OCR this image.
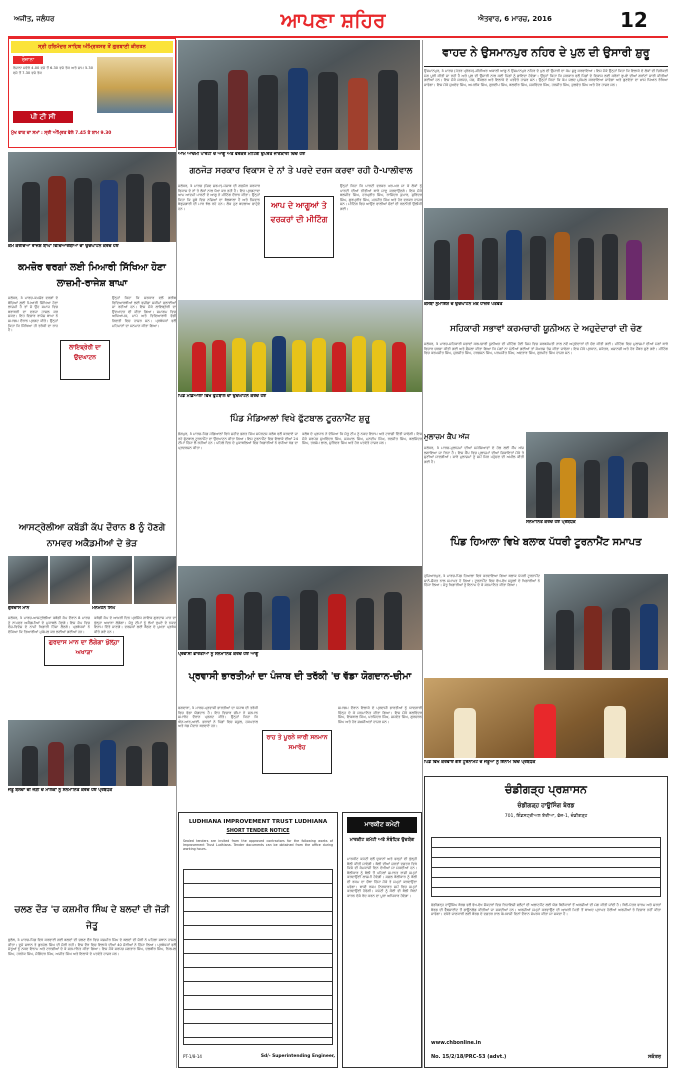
ਅਜੀਤ, ਜਲੰਧਰ	ਆਪਣਾ ਸ਼ਹਿਰ	ਐਤਵਾਰ, 6 ਮਾਰਚ, 2016	12
ਸ੍ਰੀ ਹਰਿਮੰਦਰ ਸਾਹਿਬ ਅੰਮ੍ਰਿਤਸਰ ਤੋਂ ਗੁਰਬਾਣੀ ਕੀਰਤਨ
ਰੋਜ਼ਾਨਾ
ਰੋਜ਼ਾਨਾ ਸਵੇਰੇ 4.00 ਵਜੇ ਤੋਂ 6.30 ਵਜੇ ਤੱਕ ਅਤੇ ਸ਼ਾਮ 5.30 ਵਜੇ ਤੋਂ 7.30 ਵਜੇ ਤੱਕ
ਪੀ ਟੀ ਸੀ
ਮੁੱਖ ਵਾਕ ਦਾ ਸਮਾਂ : ਸ੍ਰੀ ਅੰਮ੍ਰਿਤ ਵੇਲੇ 7.45 ਤੇ ਸ਼ਾਮ 9.30
ਵਾਹਦ ਨੇ ਉਸਮਾਨਪੁਰ ਨਹਿਰ ਦੇ ਪੁਲ ਦੀ ਉਸਾਰੀ ਸ਼ੁਰੂ
ਉਸਮਾਨਪੁਰ, 5 ਮਾਰਚ (ਪੱਤਰ ਪ੍ਰੇਰਕ)-ਸੀਨੀਅਰ ਅਕਾਲੀ ਆਗੂ ਨੇ ਉਸਮਾਨਪੁਰ ਨਹਿਰ ਦੇ ਪੁਲ ਦੀ ਉਸਾਰੀ ਦਾ ਕੰਮ ਸ਼ੁਰੂ ਕਰਵਾਇਆ। ਇਸ ਮੌਕੇ ਉਨ੍ਹਾਂ ਕਿਹਾ ਕਿ ਇਲਾਕੇ ਦੇ ਲੋਕਾਂ ਦੀ ਚਿਰੋਕਣੀ ਮੰਗ ਪੂਰੀ ਕੀਤੀ ਜਾ ਰਹੀ ਹੈ ਅਤੇ ਪੁਲ ਦੀ ਉਸਾਰੀ ਨਾਲ ਕਈ ਪਿੰਡਾਂ ਨੂੰ ਫ਼ਾਇਦਾ ਹੋਵੇਗਾ। ਉਨ੍ਹਾਂ ਕਿਹਾ ਕਿ ਸਰਕਾਰ ਵਲੋਂ ਪਿੰਡਾਂ ਦੇ ਵਿਕਾਸ ਲਈ ਕਰੋੜਾਂ ਰੁਪਏ ਦੀਆਂ ਗਰਾਂਟਾਂ ਜਾਰੀ ਕੀਤੀਆਂ ਗਈਆਂ ਹਨ। ਇਸ ਮੌਕੇ ਸਰਪੰਚ, ਪੰਚ, ਕੌਂਸਲਰ ਅਤੇ ਇਲਾਕੇ ਦੇ ਪਤਵੰਤੇ ਹਾਜ਼ਰ ਸਨ। ਉਨ੍ਹਾਂ ਕਿਹਾ ਕਿ ਕੰਮ ਜਲਦ ਮੁਕੰਮਲ ਕਰਵਾਇਆ ਜਾਵੇਗਾ ਅਤੇ ਗੁਣਵੱਤਾ ਦਾ ਖ਼ਾਸ ਧਿਆਨ ਰੱਖਿਆ ਜਾਵੇਗਾ। ਇਸ ਮੌਕੇ ਸੁਖਦੇਵ ਸਿੰਘ, ਅਮਰੀਕ ਸਿੰਘ, ਗੁਰਦੀਪ ਸਿੰਘ, ਬਲਵੀਰ ਸਿੰਘ, ਜਸਵਿੰਦਰ ਸਿੰਘ, ਹਰਜੀਤ ਸਿੰਘ, ਕੁਲਵੰਤ ਸਿੰਘ ਅਤੇ ਹੋਰ ਹਾਜ਼ਰ ਸਨ।
ਆਮ ਆਦਮੀ ਪਾਰਟੀ ਦੇ ਆਗੂ ਅਤੇ ਵਰਕਰ ਮੀਟਿੰਗ ਉਪਰੰਤ ਜਾਣਕਾਰੀ ਦਿੰਦੇ ਹੋਏ
ਗਠਜੋੜ ਸਰਕਾਰ ਵਿਕਾਸ ਦੇ ਨਾਂ ਤੇ ਪਰਦੇ ਦਰਜ ਕਰਵਾ ਰਹੀ ਹੈ-ਪਾਲੀਵਾਲ
ਜਲੰਧਰ, 5 ਮਾਰਚ (ਸ਼ਿਵ ਸ਼ਰਮਾ)-ਪੰਜਾਬ ਦੀ ਗਠਜੋੜ ਸਰਕਾਰ ਵਿਕਾਸ ਦੇ ਨਾਂ ਤੇ ਲੋਕਾਂ ਨਾਲ ਧੋਖਾ ਕਰ ਰਹੀ ਹੈ। ਇਹ ਪ੍ਰਗਟਾਵਾ ਆਮ ਆਦਮੀ ਪਾਰਟੀ ਦੇ ਆਗੂ ਨੇ ਮੀਟਿੰਗ ਦੌਰਾਨ ਕੀਤਾ। ਉਨ੍ਹਾਂ ਕਿਹਾ ਕਿ ਸੂਬੇ ਵਿਚ ਨਸ਼ਿਆਂ ਦਾ ਬੋਲਬਾਲਾ ਹੈ ਅਤੇ ਨੌਜਵਾਨ ਬੇਰੁਜ਼ਗਾਰੀ ਦੀ ਮਾਰ ਝੱਲ ਰਹੇ ਹਨ। ਲੋਕ ਹੁਣ ਬਦਲਾਅ ਚਾਹੁੰਦੇ ਹਨ।	ਆਪ ਦੇ ਆਗੂਆਂ ਤੇ ਵਰਕਰਾਂ ਦੀ ਮੀਟਿੰਗ
ਉਨ੍ਹਾਂ ਕਿਹਾ ਕਿ ਪਾਰਟੀ ਵਰਕਰ ਘਰ-ਘਰ ਜਾ ਕੇ ਲੋਕਾਂ ਨੂੰ ਪਾਰਟੀ ਦੀਆਂ ਨੀਤੀਆਂ ਬਾਰੇ ਜਾਣੂ ਕਰਵਾਉਣਗੇ। ਇਸ ਮੌਕੇ ਬਲਜੀਤ ਸਿੰਘ, ਹਰਪ੍ਰੀਤ ਸਿੰਘ, ਰਾਜਿੰਦਰ ਕੁਮਾਰ, ਸੁਰਿੰਦਰ ਸਿੰਘ, ਗੁਰਪ੍ਰੀਤ ਸਿੰਘ, ਮਨਜੀਤ ਸਿੰਘ ਅਤੇ ਹੋਰ ਵਰਕਰ ਹਾਜ਼ਰ ਸਨ। ਮੀਟਿੰਗ ਵਿਚ ਆਉਣ ਵਾਲੀਆਂ ਚੋਣਾਂ ਦੀ ਰਣਨੀਤੀ ਉਲੀਕੀ ਗਈ।
ਕੰਮ ਕਰਦਿਆਂ ਰਾਜੇਸ਼ ਬਾਘਾ ਵਿਦਿਆਰਥੀਆਂ ਦਾ ਉਦਘਾਟਨ ਕਰਦੇ ਹੋਏ
ਕਮਜ਼ੋਰ ਵਰਗਾਂ ਲਈ ਮਿਆਰੀ ਸਿੱਖਿਆ ਹੋਣਾ ਲਾਜ਼ਮੀ-ਰਾਜੇਸ਼ ਬਾਘਾ
ਜਲੰਧਰ, 5 ਮਾਰਚ-ਕਮਜ਼ੋਰ ਵਰਗਾਂ ਦੇ ਬੱਚਿਆਂ ਲਈ ਮਿਆਰੀ ਸਿੱਖਿਆ ਹੋਣਾ ਲਾਜ਼ਮੀ ਹੈ ਤਾਂ ਜੋ ਉਹ ਸਮਾਜ ਵਿਚ ਬਰਾਬਰੀ ਦਾ ਦਰਜਾ ਹਾਸਲ ਕਰ ਸਕਣ। ਇਹ ਵਿਚਾਰ ਰਾਜੇਸ਼ ਬਾਘਾ ਨੇ ਸਮਾਗਮ ਦੌਰਾਨ ਪ੍ਰਗਟ ਕੀਤੇ। ਉਨ੍ਹਾਂ ਕਿਹਾ ਕਿ ਸਿੱਖਿਆ ਹੀ ਤਰੱਕੀ ਦਾ ਰਾਹ ਹੈ।
ਲਾਇਬ੍ਰੇਰੀ ਦਾ ਉਦਘਾਟਨ
ਉਨ੍ਹਾਂ ਕਿਹਾ ਕਿ ਸਰਕਾਰ ਵਲੋਂ ਗਰੀਬ ਵਿਦਿਆਰਥੀਆਂ ਲਈ ਵਜ਼ੀਫ਼ਾ ਸਕੀਮਾਂ ਚਲਾਈਆਂ ਜਾ ਰਹੀਆਂ ਹਨ। ਇਸ ਮੌਕੇ ਲਾਇਬ੍ਰੇਰੀ ਦਾ ਉਦਘਾਟਨ ਵੀ ਕੀਤਾ ਗਿਆ। ਸਮਾਗਮ ਵਿਚ ਅਧਿਆਪਕ, ਮਾਪੇ ਅਤੇ ਵਿਦਿਆਰਥੀ ਵੱਡੀ ਗਿਣਤੀ ਵਿਚ ਹਾਜ਼ਰ ਸਨ। ਪ੍ਰਬੰਧਕਾਂ ਵਲੋਂ ਮਹਿਮਾਨਾਂ ਦਾ ਸਨਮਾਨ ਕੀਤਾ ਗਿਆ।
ਕਸਬਾ ਨੁਮਾਇਸ਼ ਦੇ ਉਦਘਾਟਨ ਮੌਕੇ ਹਾਜ਼ਰ ਪਤਵੰਤੇ
ਸਹਿਕਾਰੀ ਸਭਾਵਾਂ ਕਰਮਚਾਰੀ ਯੂਨੀਅਨ ਦੇ ਅਹੁਦੇਦਾਰਾਂ ਦੀ ਚੋਣ
ਜਲੰਧਰ, 5 ਮਾਰਚ-ਸਹਿਕਾਰੀ ਸਭਾਵਾਂ ਕਰਮਚਾਰੀ ਯੂਨੀਅਨ ਦੀ ਮੀਟਿੰਗ ਹੋਈ ਜਿਸ ਵਿਚ ਸਰਬਸੰਮਤੀ ਨਾਲ ਨਵੇਂ ਅਹੁਦੇਦਾਰਾਂ ਦੀ ਚੋਣ ਕੀਤੀ ਗਈ। ਮੀਟਿੰਗ ਵਿਚ ਮੁਲਾਜ਼ਮਾਂ ਦੀਆਂ ਮੰਗਾਂ ਬਾਰੇ ਵਿਚਾਰ ਚਰਚਾ ਕੀਤੀ ਗਈ ਅਤੇ ਫ਼ੈਸਲਾ ਕੀਤਾ ਗਿਆ ਕਿ ਮੰਗਾਂ ਨਾ ਮੰਨੀਆਂ ਗਈਆਂ ਤਾਂ ਸੰਘਰਸ਼ ਤੇਜ਼ ਕੀਤਾ ਜਾਵੇਗਾ। ਇਸ ਮੌਕੇ ਪ੍ਰਧਾਨ, ਸਕੱਤਰ, ਖ਼ਜ਼ਾਨਚੀ ਅਤੇ ਹੋਰ ਮੈਂਬਰ ਚੁਣੇ ਗਏ। ਮੀਟਿੰਗ ਵਿਚ ਕਰਮਜੀਤ ਸਿੰਘ, ਸੁਰਜੀਤ ਸਿੰਘ, ਹਰਭਜਨ ਸਿੰਘ, ਪਰਮਜੀਤ ਸਿੰਘ, ਅਵਤਾਰ ਸਿੰਘ, ਗੁਰਮੀਤ ਸਿੰਘ ਹਾਜ਼ਰ ਸਨ।
ਪਿੰਡ ਮੰਡਿਆਲਾਂ ਵਿਖੇ ਫੁੱਟਬਾਲ ਦਾ ਉਦਘਾਟਨ ਕਰਦੇ ਹੋਏ
ਪਿੰਡ ਮੰਡਿਆਲਾਂ ਵਿਖੇ ਫੁੱਟਬਾਲ ਟੂਰਨਾਮੈਂਟ ਸ਼ੁਰੂ
ਭੋਗਪੁਰ, 5 ਮਾਰਚ-ਪਿੰਡ ਮੰਡਿਆਲਾਂ ਵਿਖੇ ਸ਼ਹੀਦ ਭਗਤ ਸਿੰਘ ਸਪੋਰਟਸ ਕਲੱਬ ਵਲੋਂ ਕਰਵਾਏ ਜਾ ਰਹੇ ਫੁੱਟਬਾਲ ਟੂਰਨਾਮੈਂਟ ਦਾ ਉਦਘਾਟਨ ਕੀਤਾ ਗਿਆ। ਇਸ ਟੂਰਨਾਮੈਂਟ ਵਿਚ ਇਲਾਕੇ ਦੀਆਂ 24 ਟੀਮਾਂ ਹਿੱਸਾ ਲੈ ਰਹੀਆਂ ਹਨ। ਪਹਿਲੇ ਦਿਨ ਦੇ ਮੁਕਾਬਲਿਆਂ ਵਿਚ ਖਿਡਾਰੀਆਂ ਨੇ ਵਧੀਆ ਖੇਡ ਦਾ ਪ੍ਰਦਰਸ਼ਨ ਕੀਤਾ।
ਕਲੱਬ ਦੇ ਪ੍ਰਧਾਨ ਨੇ ਦੱਸਿਆ ਕਿ ਜੇਤੂ ਟੀਮ ਨੂੰ ਨਕਦ ਇਨਾਮ ਅਤੇ ਟਰਾਫ਼ੀ ਦਿੱਤੀ ਜਾਵੇਗੀ। ਇਸ ਮੌਕੇ ਸਰਪੰਚ ਸੁਖਵਿੰਦਰ ਸਿੰਘ, ਜਸਪਾਲ ਸਿੰਘ, ਮਨਦੀਪ ਸਿੰਘ, ਰਣਜੀਤ ਸਿੰਘ, ਬਲਜਿੰਦਰ ਸਿੰਘ, ਤਰਸੇਮ ਲਾਲ, ਸੁਰਿੰਦਰ ਸਿੰਘ ਅਤੇ ਹੋਰ ਪਤਵੰਤੇ ਹਾਜ਼ਰ ਸਨ।
ਮੁਲਾਜ਼ਮ ਕੈਂਪ ਅੱਜ
ਜਲੰਧਰ, 5 ਮਾਰਚ-ਮੁਲਾਜ਼ਮਾਂ ਦੀਆਂ ਸਮੱਸਿਆਵਾਂ ਦੇ ਹੱਲ ਲਈ ਕੈਂਪ ਅੱਜ ਲਗਾਇਆ ਜਾ ਰਿਹਾ ਹੈ। ਇਸ ਕੈਂਪ ਵਿਚ ਮੁਲਾਜ਼ਮਾਂ ਦੀਆਂ ਸ਼ਿਕਾਇਤਾਂ ਮੌਕੇ ਤੇ ਸੁਣੀਆਂ ਜਾਣਗੀਆਂ। ਸਾਰੇ ਮੁਲਾਜ਼ਮਾਂ ਨੂੰ ਸਮੇਂ ਸਿਰ ਪਹੁੰਚਣ ਦੀ ਅਪੀਲ ਕੀਤੀ ਗਈ ਹੈ।
ਸਨਮਾਨਿਤ ਕਰਦੇ ਹੋਏ ਪ੍ਰਬੰਧਕ
ਆਸਟ੍ਰੇਲੀਆ ਕਬੱਡੀ ਕੱਪ ਦੌਰਾਨ 8 ਨੂੰ ਹੋਣਗੇ ਨਾਮਵਰ ਅਕੈਡਮੀਆਂ ਦੇ ਭੇੜ
ਗੁਰਦਾਸ ਮਾਨ	ਮਨਮੋਹਨ ਸਿੰਘ
ਜਲੰਧਰ, 5 ਮਾਰਚ-ਆਸਟ੍ਰੇਲੀਆ ਕਬੱਡੀ ਕੱਪ ਦੌਰਾਨ 8 ਮਾਰਚ ਨੂੰ ਨਾਮਵਰ ਅਕੈਡਮੀਆਂ ਦੇ ਮੁਕਾਬਲੇ ਹੋਣਗੇ। ਇਸ ਕੱਪ ਵਿਚ ਦੇਸ਼-ਵਿਦੇਸ਼ ਦੇ ਨਾਮੀ ਖਿਡਾਰੀ ਹਿੱਸਾ ਲੈਣਗੇ। ਪ੍ਰਬੰਧਕਾਂ ਨੇ ਦੱਸਿਆ ਕਿ ਤਿਆਰੀਆਂ ਮੁਕੰਮਲ ਕਰ ਲਈਆਂ ਗਈਆਂ ਹਨ।
ਗੁਰਦਾਸ ਮਾਨ ਦਾ ਲੱਗੇਗਾ ਖੁੱਲ੍ਹਾ ਅਖਾੜਾ
ਕਬੱਡੀ ਕੱਪ ਦੇ ਆਖ਼ਰੀ ਦਿਨ ਪ੍ਰਸਿੱਧ ਗਾਇਕ ਗੁਰਦਾਸ ਮਾਨ ਦਾ ਖੁੱਲ੍ਹਾ ਅਖਾੜਾ ਲੱਗੇਗਾ। ਜੇਤੂ ਟੀਮਾਂ ਨੂੰ ਲੱਖਾਂ ਰੁਪਏ ਦੇ ਨਕਦ ਇਨਾਮ ਦਿੱਤੇ ਜਾਣਗੇ। ਦਰਸ਼ਕਾਂ ਲਈ ਬੈਠਣ ਦੇ ਪੁਖ਼ਤਾ ਪ੍ਰਬੰਧ ਕੀਤੇ ਗਏ ਹਨ।
ਜੇਤੂ ਬਲਦਾਂ ਦੀ ਜੋੜੀ ਦੇ ਮਾਲਕਾਂ ਨੂੰ ਸਨਮਾਨਿਤ ਕਰਦੇ ਹੋਏ ਪ੍ਰਬੰਧਕ
ਚਲਣ ਦੌੜ 'ਚ ਕਸ਼ਮੀਰ ਸਿੰਘ ਦੇ ਬਲਦਾਂ ਦੀ ਜੋੜੀ ਜੇਤੂ
ਭੁਲੱਥ, 5 ਮਾਰਚ-ਪਿੰਡ ਵਿਖੇ ਕਰਵਾਈ ਗਈ ਬਲਦਾਂ ਦੀ ਚਲਣ ਦੌੜ ਵਿਚ ਕਸ਼ਮੀਰ ਸਿੰਘ ਦੇ ਬਲਦਾਂ ਦੀ ਜੋੜੀ ਨੇ ਪਹਿਲਾ ਸਥਾਨ ਹਾਸਲ ਕੀਤਾ। ਦੂਜੇ ਸਥਾਨ ਤੇ ਗੁਰਮੇਲ ਸਿੰਘ ਦੀ ਜੋੜੀ ਰਹੀ। ਇਸ ਦੌੜ ਵਿਚ ਇਲਾਕੇ ਦੀਆਂ 40 ਜੋੜੀਆਂ ਨੇ ਹਿੱਸਾ ਲਿਆ। ਪ੍ਰਬੰਧਕਾਂ ਵਲੋਂ ਜੇਤੂਆਂ ਨੂੰ ਨਕਦ ਇਨਾਮ ਅਤੇ ਟਰਾਫ਼ੀਆਂ ਦੇ ਕੇ ਸਨਮਾਨਿਤ ਕੀਤਾ ਗਿਆ। ਇਸ ਮੌਕੇ ਸਰਪੰਚ ਜਗਤਾਰ ਸਿੰਘ, ਦਲਬੀਰ ਸਿੰਘ, ਨਿਰਮਲ ਸਿੰਘ, ਹਰਨੇਕ ਸਿੰਘ, ਜੋਗਿੰਦਰ ਸਿੰਘ, ਅਜੀਤ ਸਿੰਘ ਅਤੇ ਇਲਾਕੇ ਦੇ ਪਤਵੰਤੇ ਹਾਜ਼ਰ ਸਨ।
ਪ੍ਰਵਾਸੀ ਭਾਰਤੀਆਂ ਨੂੰ ਸਨਮਾਨਿਤ ਕਰਦੇ ਹੋਏ ਆਗੂ
ਪ੍ਰਵਾਸੀ ਭਾਰਤੀਆਂ ਦਾ ਪੰਜਾਬ ਦੀ ਤਰੱਕੀ 'ਚ ਵੱਡਾ ਯੋਗਦਾਨ-ਚੀਮਾ
ਫਗਵਾੜਾ, 5 ਮਾਰਚ-ਪ੍ਰਵਾਸੀ ਭਾਰਤੀਆਂ ਦਾ ਪੰਜਾਬ ਦੀ ਤਰੱਕੀ ਵਿਚ ਵੱਡਾ ਯੋਗਦਾਨ ਹੈ। ਇਹ ਵਿਚਾਰ ਚੀਮਾ ਨੇ ਸਨਮਾਨ ਸਮਾਰੋਹ ਦੌਰਾਨ ਪ੍ਰਗਟ ਕੀਤੇ। ਉਨ੍ਹਾਂ ਕਿਹਾ ਕਿ ਐਨ.ਆਰ.ਆਈ. ਭਰਾਵਾਂ ਨੇ ਪਿੰਡਾਂ ਵਿਚ ਸਕੂਲ, ਹਸਪਤਾਲ ਅਤੇ ਖੇਡ ਮੈਦਾਨ ਬਣਵਾਏ ਹਨ।
ਰਾਹ ਤੇ ਪੂਰਨੇ ਜਾਰੀ ਸਨਮਾਨ ਸਮਾਰੋਹ
ਸਮਾਗਮ ਦੌਰਾਨ ਇਲਾਕੇ ਦੇ ਪ੍ਰਵਾਸੀ ਭਾਰਤੀਆਂ ਨੂੰ ਯਾਦਗਾਰੀ ਚਿੰਨ੍ਹ ਦੇ ਕੇ ਸਨਮਾਨਿਤ ਕੀਤਾ ਗਿਆ। ਇਸ ਮੌਕੇ ਬਲਵਿੰਦਰ ਸਿੰਘ, ਇਕਬਾਲ ਸਿੰਘ, ਪਰਮਿੰਦਰ ਸਿੰਘ, ਜਸਵੰਤ ਸਿੰਘ, ਗੁਰਚਰਨ ਸਿੰਘ ਅਤੇ ਹੋਰ ਸ਼ਖ਼ਸੀਅਤਾਂ ਹਾਜ਼ਰ ਸਨ।
ਪਿੰਡ ਹਿਆਲਾ ਵਿਖੇ ਬਲਾਕ ਪੱਧਰੀ ਟੂਰਨਾਮੈਂਟ ਸਮਾਪਤ
ਹੁਸ਼ਿਆਰਪੁਰ, 5 ਮਾਰਚ-ਪਿੰਡ ਹਿਆਲਾ ਵਿਖੇ ਕਰਵਾਇਆ ਗਿਆ ਬਲਾਕ ਪੱਧਰੀ ਟੂਰਨਾਮੈਂਟ ਸ਼ਾਨੋ-ਸ਼ੌਕਤ ਨਾਲ ਸਮਾਪਤ ਹੋ ਗਿਆ। ਟੂਰਨਾਮੈਂਟ ਵਿਚ ਵੱਖ-ਵੱਖ ਸਕੂਲਾਂ ਦੇ ਖਿਡਾਰੀਆਂ ਨੇ ਹਿੱਸਾ ਲਿਆ। ਜੇਤੂ ਖਿਡਾਰੀਆਂ ਨੂੰ ਇਨਾਮ ਦੇ ਕੇ ਸਨਮਾਨਿਤ ਕੀਤਾ ਗਿਆ।
ਪਿੰਡ ਵਿਖੇ ਕਰਵਾਏ ਗਏ ਟੂਰਨਾਮੈਂਟ ਦੇ ਜੇਤੂਆਂ ਨੂੰ ਇਨਾਮ ਦਿੰਦੇ ਪ੍ਰਬੰਧਕ
ਚੰਡੀਗੜ੍ਹ ਪ੍ਰਸ਼ਾਸਨ
ਚੰਡੀਗੜ੍ਹ ਹਾਊਸਿੰਗ ਬੋਰਡ
701, ਇੰਡਸਟ੍ਰੀਅਲ ਏਰੀਆ, ਫੇਜ਼-1, ਚੰਡੀਗੜ੍ਹ
ਚੰਡੀਗੜ੍ਹ ਹਾਊਸਿੰਘ ਬੋਰਡ ਵਲੋਂ ਵੱਖ-ਵੱਖ ਸੈਕਟਰਾਂ ਵਿਚ ਰਿਹਾਇਸ਼ੀ ਫਲੈਟਾਂ ਦੀ ਅਲਾਟਮੈਂਟ ਲਈ ਯੋਗ ਬਿਨੈਕਾਰਾਂ ਤੋਂ ਅਰਜ਼ੀਆਂ ਦੀ ਮੰਗ ਕੀਤੀ ਜਾਂਦੀ ਹੈ। ਬਿਨੈ-ਪੱਤਰ ਫਾਰਮ ਅਤੇ ਸ਼ਰਤਾਂ ਬੋਰਡ ਦੀ ਵੈੱਬਸਾਈਟ ਤੋਂ ਡਾਊਨਲੋਡ ਕੀਤੀਆਂ ਜਾ ਸਕਦੀਆਂ ਹਨ। ਅਰਜ਼ੀਆਂ ਜਮ੍ਹਾਂ ਕਰਵਾਉਣ ਦੀ ਆਖ਼ਰੀ ਮਿਤੀ ਤੋਂ ਬਾਅਦ ਪ੍ਰਾਪਤ ਹੋਈਆਂ ਅਰਜ਼ੀਆਂ ਤੇ ਵਿਚਾਰ ਨਹੀਂ ਕੀਤਾ ਜਾਵੇਗਾ। ਵਧੇਰੇ ਜਾਣਕਾਰੀ ਲਈ ਬੋਰਡ ਦੇ ਦਫ਼ਤਰ ਨਾਲ ਕੰਮਕਾਜੀ ਦਿਨਾਂ ਦੌਰਾਨ ਸੰਪਰਕ ਕੀਤਾ ਜਾ ਸਕਦਾ ਹੈ।
www.chbonline.in
No. 15/2/18/PRC-53 (advt.)	ਸਕੱਤਰ
LUDHIANA IMPROVEMENT TRUST LUDHIANA
SHORT TENDER NOTICE
Sealed tenders are invited from the approved contractors for the following works of Improvement Trust Ludhiana. Tender documents can be obtained from the office during working hours.
PT-1/8-14	Sd/- Superintending Engineer,
ਮਾਰਕੀਟ ਕਮੇਟੀ
ਮਾਰਕੀਟ ਕਮੇਟੀ ਅਤੇ ਸੰਬੰਧਿਤ ਉਦਯੋਗ
ਮਾਰਕੀਟ ਕਮੇਟੀ ਵਲੋਂ ਦੁਕਾਨਾਂ ਅਤੇ ਫੜ੍ਹਾਂ ਦੀ ਖੁੱਲ੍ਹੀ ਬੋਲੀ ਕੀਤੀ ਜਾਵੇਗੀ। ਬੋਲੀ ਦੀਆਂ ਸ਼ਰਤਾਂ ਦਫ਼ਤਰ ਵਿਖੇ ਕਿਸੇ ਵੀ ਕੰਮਕਾਜੀ ਦਿਨ ਦੇਖੀਆਂ ਜਾ ਸਕਦੀਆਂ ਹਨ। ਬੋਲੀਕਾਰ ਨੂੰ ਬੋਲੀ ਤੋਂ ਪਹਿਲਾਂ ਜ਼ਮਾਨਤ ਰਾਸ਼ੀ ਜਮ੍ਹਾਂ ਕਰਵਾਉਣੀ ਲਾਜ਼ਮੀ ਹੋਵੇਗੀ। ਸਫ਼ਲ ਬੋਲੀਕਾਰ ਨੂੰ ਬੋਲੀ ਦੀ ਰਕਮ ਦਾ ਚੌਥਾ ਹਿੱਸਾ ਮੌਕੇ ਤੇ ਜਮ੍ਹਾਂ ਕਰਵਾਉਣਾ ਪਵੇਗਾ। ਬਾਕੀ ਰਕਮ ਨਿਰਧਾਰਤ ਸਮੇਂ ਵਿਚ ਜਮ੍ਹਾਂ ਕਰਵਾਉਣੀ ਹੋਵੇਗੀ। ਕਮੇਟੀ ਨੂੰ ਕੋਈ ਵੀ ਬੋਲੀ ਬਿਨਾਂ ਕਾਰਨ ਦੱਸੇ ਰੱਦ ਕਰਨ ਦਾ ਪੂਰਾ ਅਧਿਕਾਰ ਹੋਵੇਗਾ।
